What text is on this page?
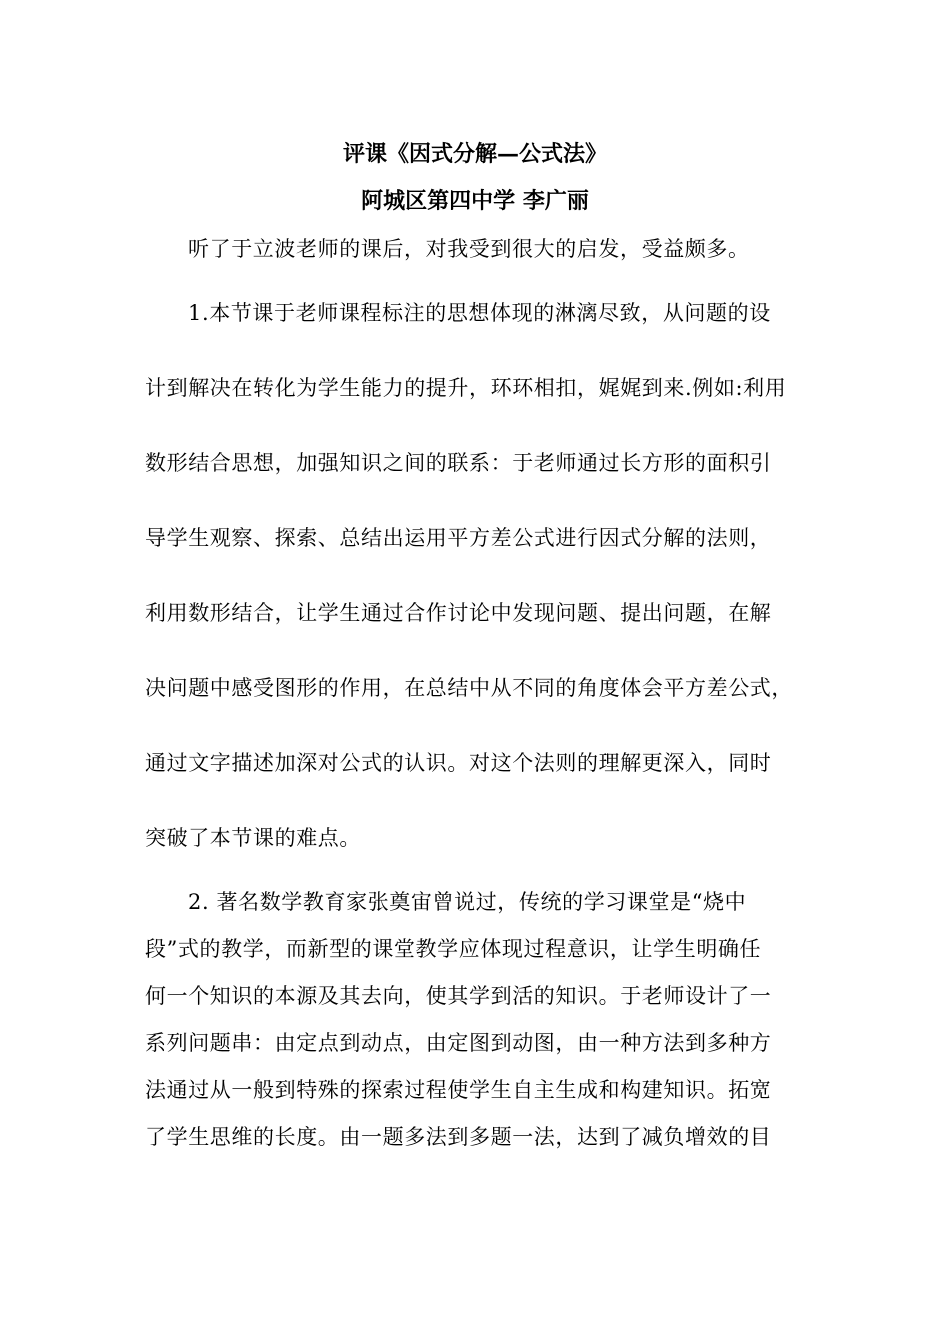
评课《因式分解—公式法》
阿城区第四中学 李广丽
听了于立波老师的课后，对我受到很大的启发，受益颇多。
1.本节课于老师课程标注的思想体现的淋漓尽致，从问题的设
计到解决在转化为学生能力的提升，环环相扣，娓娓到来.例如:利用
数形结合思想，加强知识之间的联系：于老师通过长方形的面积引
导学生观察、探索、总结出运用平方差公式进行因式分解的法则，
利用数形结合，让学生通过合作讨论中发现问题、提出问题，在解
决问题中感受图形的作用，在总结中从不同的角度体会平方差公式，
通过文字描述加深对公式的认识。对这个法则的理解更深入，同时
突破了本节课的难点。
2. 著名数学教育家张奠宙曾说过，传统的学习课堂是“烧中
段”式的教学，而新型的课堂教学应体现过程意识，让学生明确任
何一个知识的本源及其去向，使其学到活的知识。于老师设计了一
系列问题串：由定点到动点，由定图到动图，由一种方法到多种方
法通过从一般到特殊的探索过程使学生自主生成和构建知识。拓宽
了学生思维的长度。由一题多法到多题一法，达到了减负增效的目
